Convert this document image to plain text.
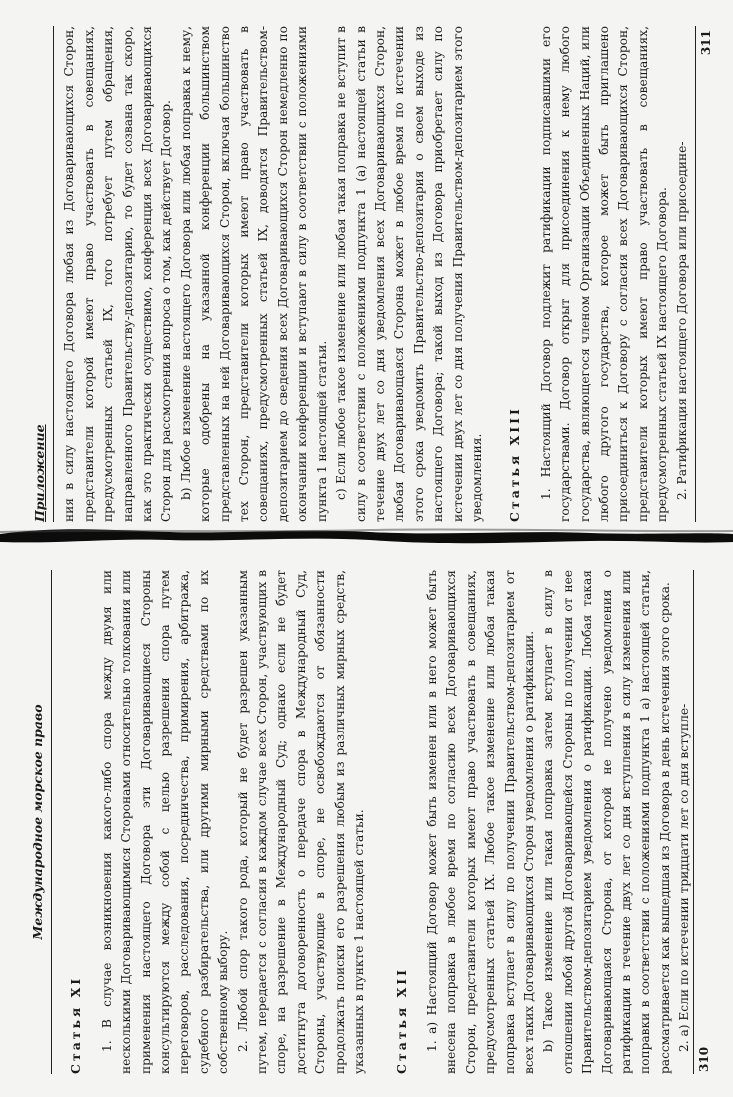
Международное морское право
Статья XI 1. В случае возникновения какого-либо спора между двумя или несколькими Договаривающимися Сторонами относительно толкования или применения настоящего Договора эти Договаривающиеся Стороны консультируются между собой с целью разрешения спора путем переговоров, расследования, посредничества, примирения, арбитража, судебного разбирательства, или другими мирными средствами по их собственному выбору. 2. Любой спор такого рода, который не будет разрешен указанным путем, передается с согласия в каждом случае всех Сторон, участвующих в споре, на разрешение в Международный Суд; однако если не будет достигнута договоренность о передаче спора в Международный Суд, Стороны, участвующие в споре, не освобождаются от обязанности продолжать поиски его разрешения любым из различных мирных средств, указанных в пункте 1 настоящей статьи. Статья XII 1. а) Настоящий Договор может быть изменен или в него может быть внесена поправка в любое время по согласию всех Договаривающихся Сторон, представители которых имеют право участвовать в совещаниях, предусмотренных статьей IX. Любое такое изменение или любая такая поправка вступает в силу по получении Правительством-депозитарием от всех таких Договаривающихся Сторон уведомления о ратификации. b) Такое изменение или такая поправка затем вступает в силу в отношении любой другой Договаривающейся Стороны по получении от нее Правительством-депозитарием уведомления о ратификации. Любая такая Договаривающаяся Сторона, от которой не получено уведомления о ратификации в течение двух лет со дня вступления в силу изменения или поправки в соответствии с положениями подпункта 1 а) настоящей статьи, рассматривается как вышедшая из Договора в день истечения этого срока. 2. а) Если по истечении тридцати лет со дня вступле-

310
Приложение	ния в силу настоящего Договора любая из Договаривающихся Сторон, представители которой имеют право участвовать в совещаниях, предусмотренных статьей IX, того потребует путем обращения, направленного Правительству-депозитарию, то будет созвана так скоро, как это практически осуществимо, конференция всех Договаривающихся Сторон для рассмотрения вопроса о том, как действует Договор. b) Любое изменение настоящего Договора или любая поправка к нему, которые одобрены на указанной конференции большинством представленных на ней Договаривающихся Сторон, включая большинство тех Сторон, представители которых имеют право участвовать в совещаниях, предусмотренных статьей IX, доводятся Правительством-депозитарием до сведения всех Договаривающихся Сторон немедленно по окончании конференции и вступают в силу в соответствии с положениями пункта 1 настоящей статьи. c) Если любое такое изменение или любая такая поправка не вступит в силу в соответствии с положениями подпункта 1 (а) настоящей статьи в течение двух лет со дня уведомления всех Договаривающихся Сторон, любая Договаривающаяся Сторона может в любое время по истечении этого срока уведомить Правительство-депозитария о своем выходе из настоящего Договора; такой выход из Договора приобретает силу по истечении двух лет со дня получения Правительством-депозитарием этого уведомления. Статья XIII 1. Настоящий Договор подлежит ратификации подписавшими его государствами. Договор открыт для присоединения к нему любого государства, являющегося членом Организации Объединенных Наций, или любого другого государства, которое может быть приглашено присоединиться к Договору с согласия всех Договаривающихся Сторон, представители которых имеют право участвовать в совещаниях, предусмотренных статьей IX настоящего Договора. 2. Ратификация настоящего Договора или присоедине-

311
